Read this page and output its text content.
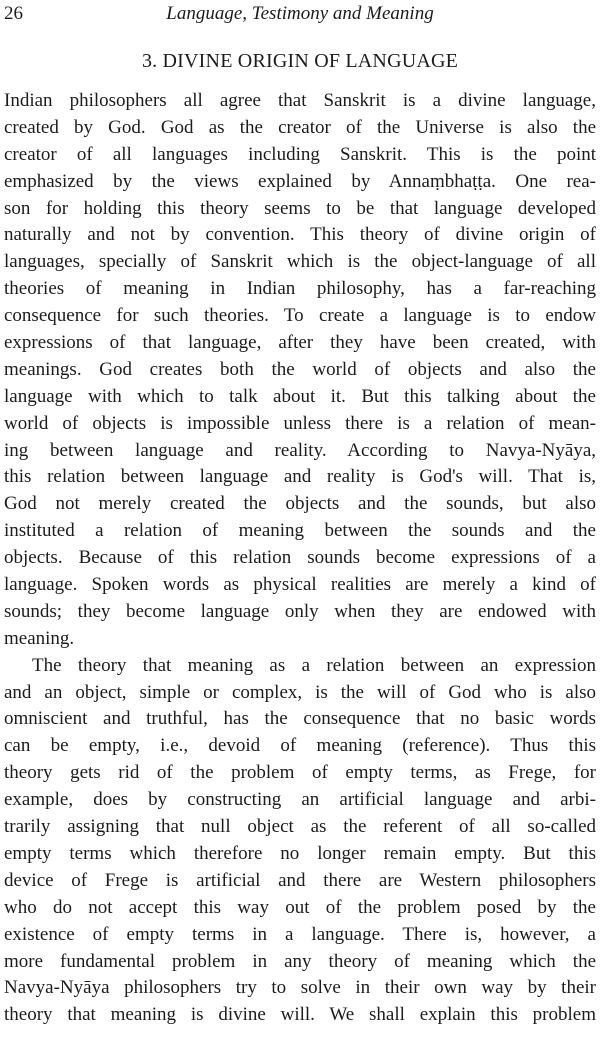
26	Language, Testimony and Meaning
3. DIVINE ORIGIN OF LANGUAGE
Indian philosophers all agree that Sanskrit is a divine language,
created by God. God as the creator of the Universe is also the
creator of all languages including Sanskrit. This is the point
emphasized by the views explained by Annaṃbhaṭṭa. One rea-
son for holding this theory seems to be that language developed
naturally and not by convention. This theory of divine origin of
languages, specially of Sanskrit which is the object-language of all
theories of meaning in Indian philosophy, has a far-reaching
consequence for such theories. To create a language is to endow
expressions of that language, after they have been created, with
meanings. God creates both the world of objects and also the
language with which to talk about it. But this talking about the
world of objects is impossible unless there is a relation of mean-
ing between language and reality. According to Navya-Nyāya,
this relation between language and reality is God's will. That is,
God not merely created the objects and the sounds, but also
instituted a relation of meaning between the sounds and the
objects. Because of this relation sounds become expressions of a
language. Spoken words as physical realities are merely a kind of
sounds; they become language only when they are endowed with
meaning.
The theory that meaning as a relation between an expression
and an object, simple or complex, is the will of God who is also
omniscient and truthful, has the consequence that no basic words
can be empty, i.e., devoid of meaning (reference). Thus this
theory gets rid of the problem of empty terms, as Frege, for
example, does by constructing an artificial language and arbi-
trarily assigning that null object as the referent of all so-called
empty terms which therefore no longer remain empty. But this
device of Frege is artificial and there are Western philosophers
who do not accept this way out of the problem posed by the
existence of empty terms in a language. There is, however, a
more fundamental problem in any theory of meaning which the
Navya-Nyāya philosophers try to solve in their own way by their
theory that meaning is divine will. We shall explain this problem
